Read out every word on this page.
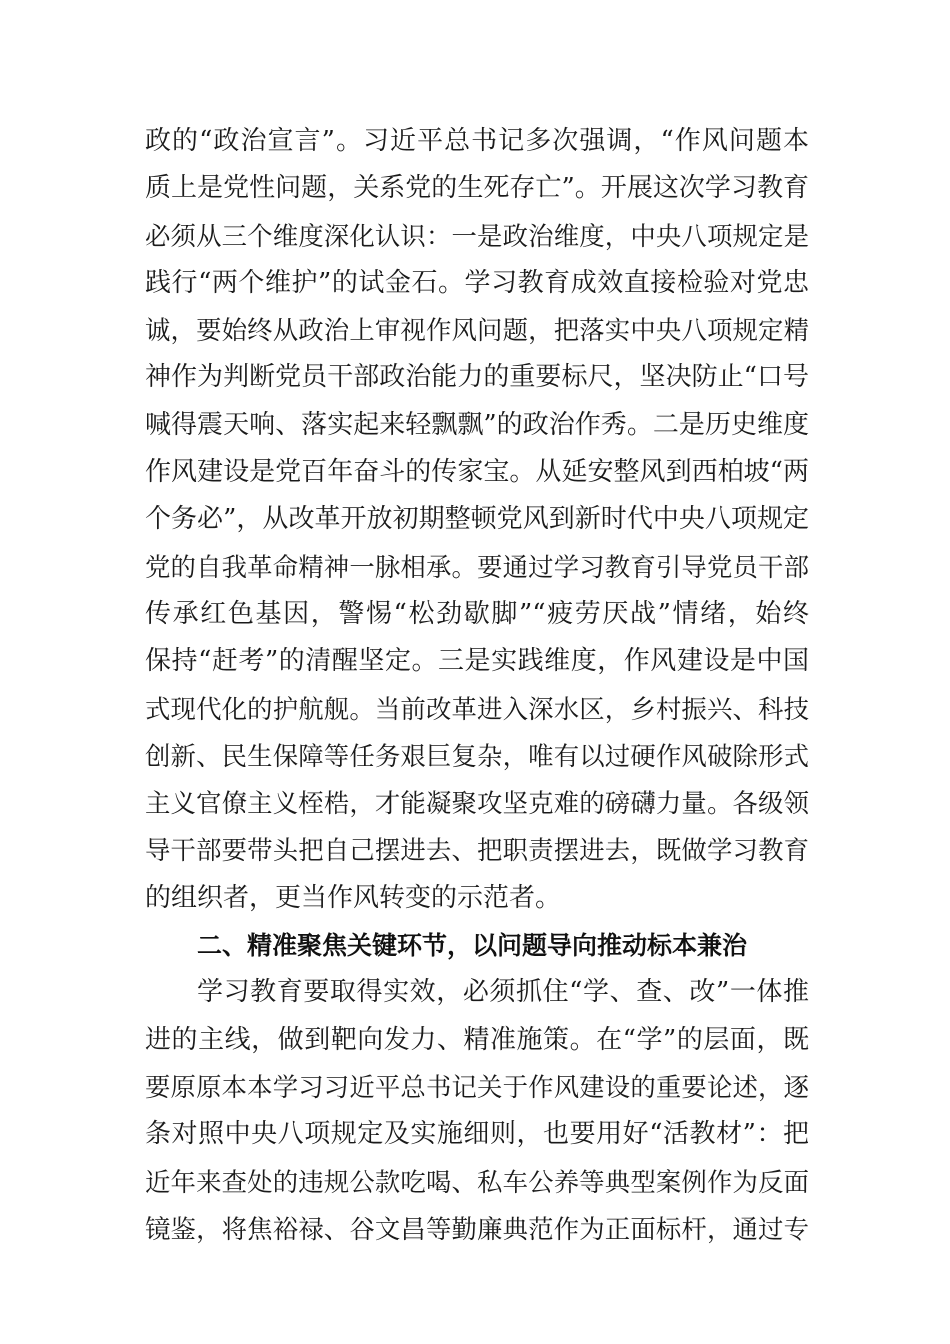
政的“政治宣言”。习近平总书记多次强调，“作风问题本
质上是党性问题，关系党的生死存亡”。开展这次学习教育
必须从三个维度深化认识：一是政治维度，中央八项规定是
践行“两个维护”的试金石。学习教育成效直接检验对党忠
诚，要始终从政治上审视作风问题，把落实中央八项规定精
神作为判断党员干部政治能力的重要标尺，坚决防止“口号
喊得震天响、落实起来轻飘飘”的政治作秀。二是历史维度
作风建设是党百年奋斗的传家宝。从延安整风到西柏坡“两
个务必”，从改革开放初期整顿党风到新时代中央八项规定
党的自我革命精神一脉相承。要通过学习教育引导党员干部
传承红色基因，警惕“松劲歇脚”“疲劳厌战”情绪，始终
保持“赶考”的清醒坚定。三是实践维度，作风建设是中国
式现代化的护航舰。当前改革进入深水区，乡村振兴、科技
创新、民生保障等任务艰巨复杂，唯有以过硬作风破除形式
主义官僚主义桎梏，才能凝聚攻坚克难的磅礴力量。各级领
导干部要带头把自己摆进去、把职责摆进去，既做学习教育
的组织者，更当作风转变的示范者。
二、精准聚焦关键环节，以问题导向推动标本兼治
学习教育要取得实效，必须抓住“学、查、改”一体推
进的主线，做到靶向发力、精准施策。在“学”的层面，既
要原原本本学习习近平总书记关于作风建设的重要论述，逐
条对照中央八项规定及实施细则，也要用好“活教材”：把
近年来查处的违规公款吃喝、私车公养等典型案例作为反面
镜鉴，将焦裕禄、谷文昌等勤廉典范作为正面标杆，通过专
